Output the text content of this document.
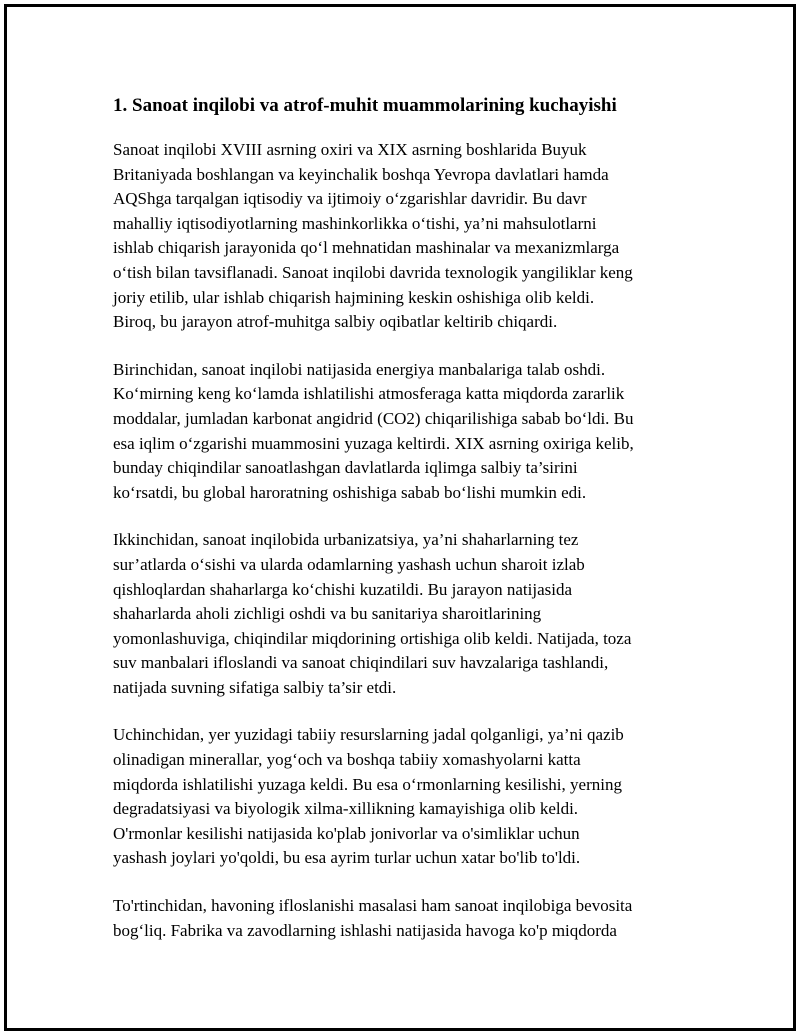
1. Sanoat inqilobi va atrof-muhit muammolarining kuchayishi

Sanoat inqilobi XVIII asrning oxiri va XIX asrning boshlarida Buyuk
Britaniyada boshlangan va keyinchalik boshqa Yevropa davlatlari hamda
AQShga tarqalgan iqtisodiy va ijtimoiy o‘zgarishlar davridir. Bu davr
mahalliy iqtisodiyotlarning mashinkorlikka o‘tishi, ya’ni mahsulotlarni
ishlab chiqarish jarayonida qo‘l mehnatidan mashinalar va mexanizmlarga
o‘tish bilan tavsiflanadi. Sanoat inqilobi davrida texnologik yangiliklar keng
joriy etilib, ular ishlab chiqarish hajmining keskin oshishiga olib keldi.
Biroq, bu jarayon atrof-muhitga salbiy oqibatlar keltirib chiqardi.

Birinchidan, sanoat inqilobi natijasida energiya manbalariga talab oshdi.
Ko‘mirning keng ko‘lamda ishlatilishi atmosferaga katta miqdorda zararlik
moddalar, jumladan karbonat angidrid (CO2) chiqarilishiga sabab bo‘ldi. Bu
esa iqlim o‘zgarishi muammosini yuzaga keltirdi. XIX asrning oxiriga kelib,
bunday chiqindilar sanoatlashgan davlatlarda iqlimga salbiy ta’sirini
ko‘rsatdi, bu global haroratning oshishiga sabab bo‘lishi mumkin edi.

Ikkinchidan, sanoat inqilobida urbanizatsiya, ya’ni shaharlarning tez
sur’atlarda o‘sishi va ularda odamlarning yashash uchun sharoit izlab
qishloqlardan shaharlarga ko‘chishi kuzatildi. Bu jarayon natijasida
shaharlarda aholi zichligi oshdi va bu sanitariya sharoitlarining
yomonlashuviga, chiqindilar miqdorining ortishiga olib keldi. Natijada, toza
suv manbalari ifloslandi va sanoat chiqindilari suv havzalariga tashlandi,
natijada suvning sifatiga salbiy ta’sir etdi.

Uchinchidan, yer yuzidagi tabiiy resurslarning jadal qolganligi, ya’ni qazib
olinadigan minerallar, yog‘och va boshqa tabiiy xomashyolarni katta
miqdorda ishlatilishi yuzaga keldi. Bu esa o‘rmonlarning kesilishi, yerning
degradatsiyasi va biyologik xilma-xillikning kamayishiga olib keldi.
O'rmonlar kesilishi natijasida ko'plab jonivorlar va o'simliklar uchun
yashash joylari yo'qoldi, bu esa ayrim turlar uchun xatar bo'lib to'ldi.

To'rtinchidan, havoning ifloslanishi masalasi ham sanoat inqilobiga bevosita
bog‘liq. Fabrika va zavodlarning ishlashi natijasida havoga ko'p miqdorda
